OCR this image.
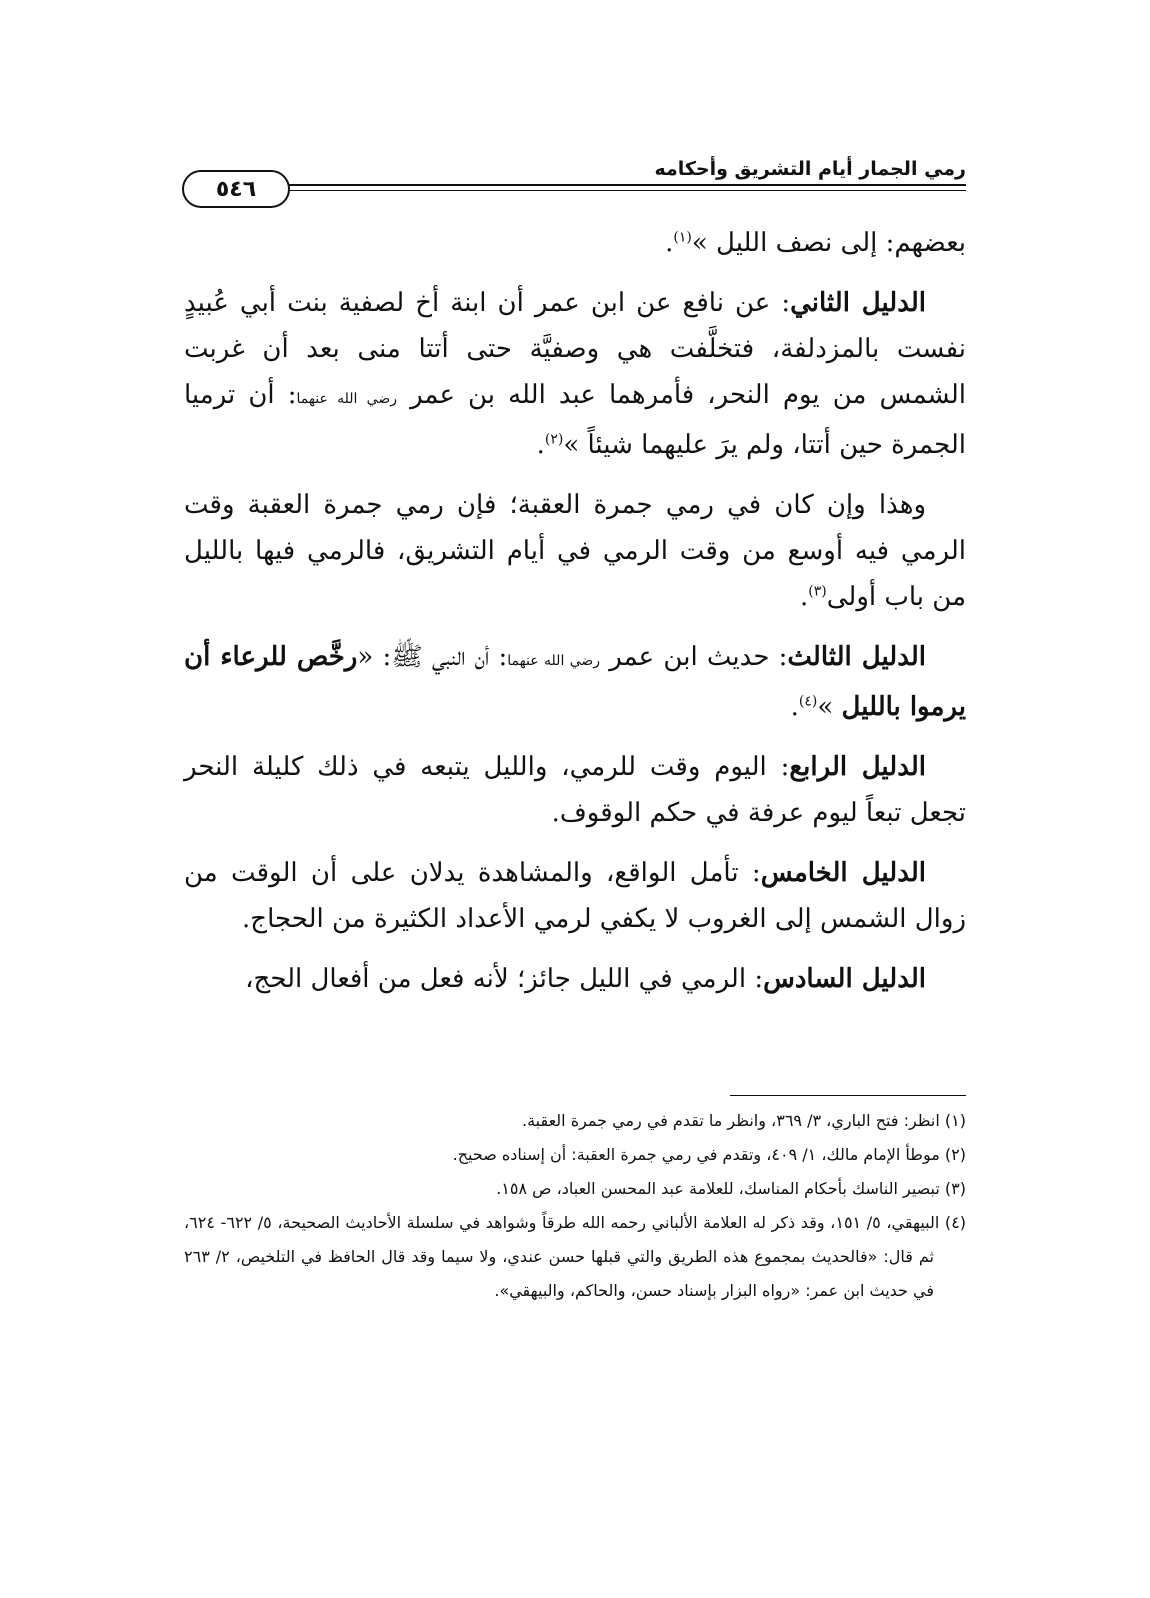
رمي الجمار أيام التشريق وأحكامه
٥٤٦

بعضهم: إلى نصف الليل »$^{(١)}$.

الدليل الثاني: عن نافع عن ابن عمر أن ابنة أخ لصفية بنت أبي عُبيدٍ نفست بالمزدلفة، فتخلَّفت هي وصفيَّة حتى أتتا منى بعد أن غربت الشمس من يوم النحر، فأمرهما عبد الله بن عمر رضي الله عنهما: أن ترميا الجمرة حين أتتا، ولم يرَ عليهما شيئاً »$^{(٢)}$.

وهذا وإن كان في رمي جمرة العقبة؛ فإن رمي جمرة العقبة وقت الرمي فيه أوسع من وقت الرمي في أيام التشريق، فالرمي فيها بالليل من باب أولى$^{(٣)}$.

الدليل الثالث: حديث ابن عمر رضي الله عنهما: أن النبي ﷺ: «رخَّص للرعاء أن يرموا بالليل »$^{(٤)}$.

الدليل الرابع: اليوم وقت للرمي، والليل يتبعه في ذلك كليلة النحر تجعل تبعاً ليوم عرفة في حكم الوقوف.

الدليل الخامس: تأمل الواقع، والمشاهدة يدلان على أن الوقت من زوال الشمس إلى الغروب لا يكفي لرمي الأعداد الكثيرة من الحجاج.

الدليل السادس: الرمي في الليل جائز؛ لأنه فعل من أفعال الحج،

(١) انظر: فتح الباري، ٣/ ٣٦٩، وانظر ما تقدم في رمي جمرة العقبة.

(٢) موطأ الإمام مالك، ١/ ٤٠٩، وتقدم في رمي جمرة العقبة: أن إسناده صحيح.

(٣) تبصير الناسك بأحكام المناسك، للعلامة عبد المحسن العباد، ص ١٥٨.

(٤) البيهقي، ٥/ ١٥١، وقد ذكر له العلامة الألباني رحمه الله طرقاً وشواهد في سلسلة الأحاديث الصحيحة، ٥/ ٦٢٢- ٦٢٤، ثم قال: «فالحديث بمجموع هذه الطريق والتي قبلها حسن عندي، ولا سيما وقد قال الحافظ في التلخيص، ٢/ ٢٦٣ في حديث ابن عمر: «رواه البزار بإسناد حسن، والحاكم، والبيهقي».
